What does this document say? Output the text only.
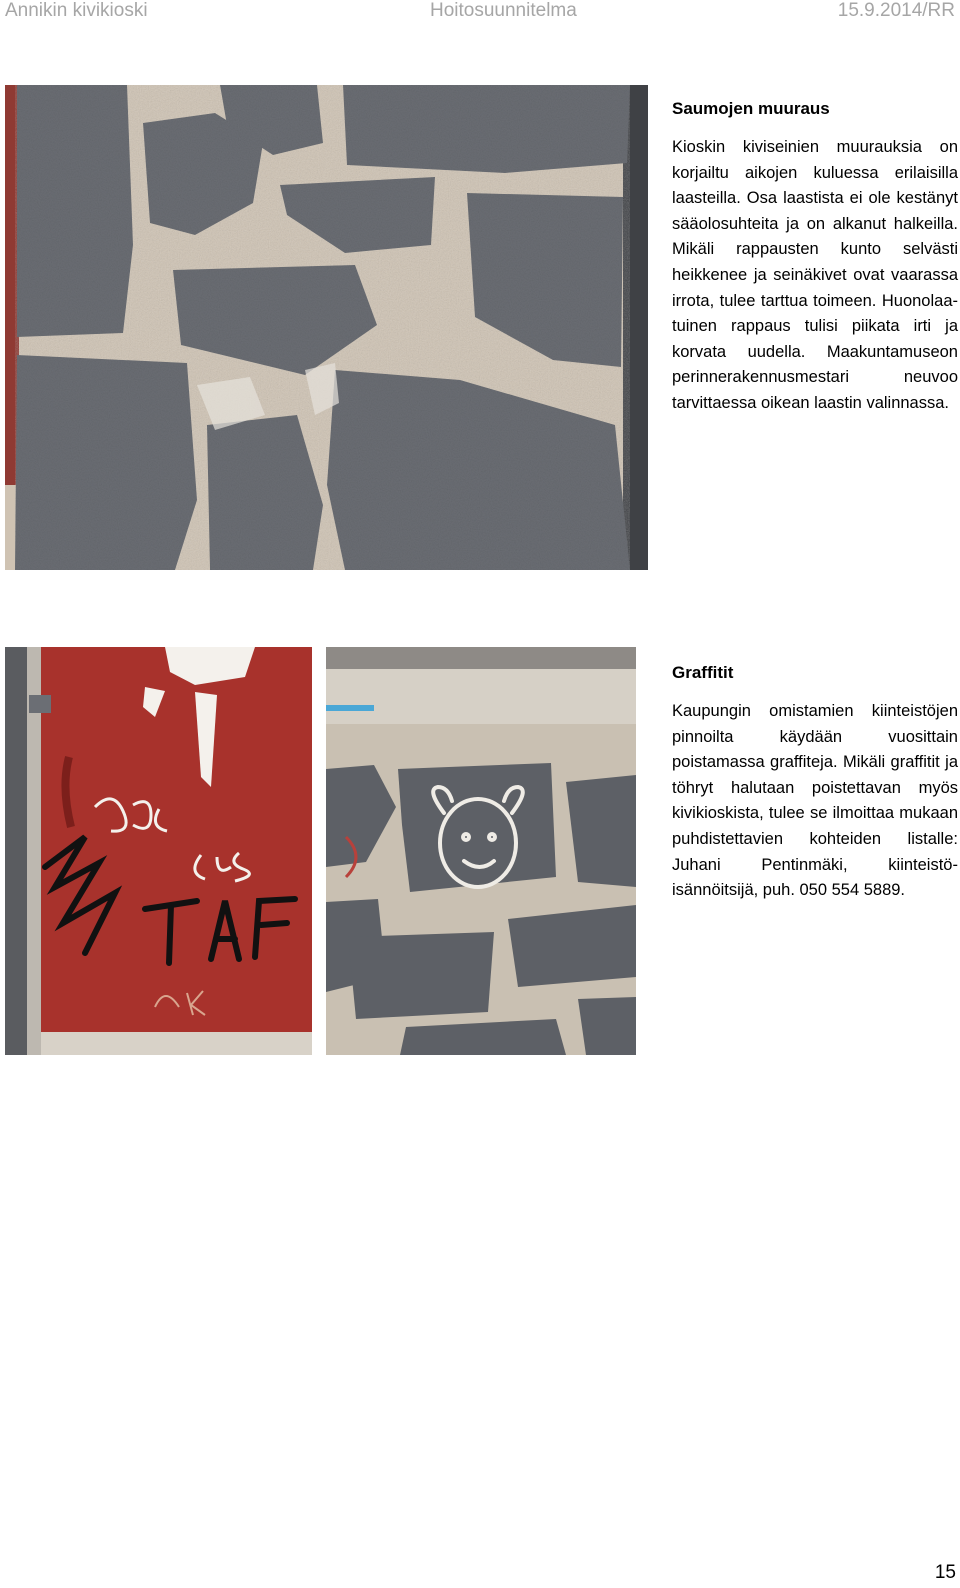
Annikin kivikioski	Hoitosuunnitelma	15.9.2014/RR
Saumojen muuraus

Kioskin kiviseinien muurauksia on korjailtu aikojen kuluessa erilaisilla laasteilla. Osa laastista ei ole kestänyt sääolosuhteita ja on alkanut halkeilla. Mikäli rappausten kunto selvästi heikkenee ja seinäkivet ovat vaarassa irrota, tulee tarttua toimeen. Huonolaatuinen rappaus tulisi piikata irti ja korvata uudella. Maakuntamuseon perinnerakennusmestari neuvoo tarvittaessa oikean laastin valinnassa.

Graffitit

Kaupungin omistamien kiinteistöjen pinnoilta käydään vuosittain poistamassa graffiteja. Mikäli graffitit ja töhryt halutaan poistettavan myös kivikioskista, tulee se ilmoittaa mukaan puhdistettavien kohteiden listalle: Juhani Pentinmäki, kiinteistöisännöitsijä, puh. 050 554 5889.

15
